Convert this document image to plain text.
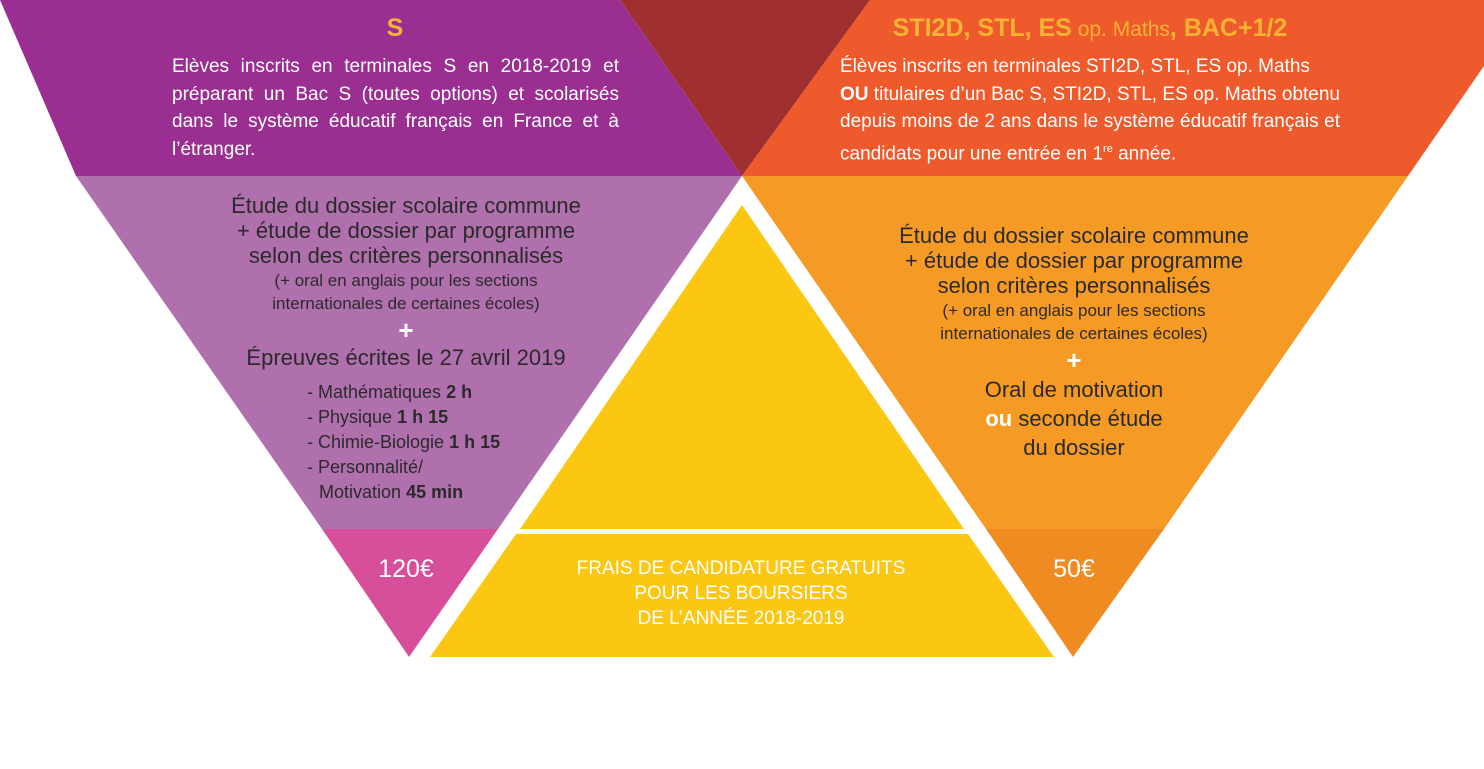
S
Elèves inscrits en terminales S en 2018-2019 et préparant un Bac S (toutes options) et scolarisés dans le système éducatif français en France et à l’étranger.
Étude du dossier scolaire commune
+ étude de dossier par programme
selon des critères personnalisés
(+ oral en anglais pour les sections
internationales de certaines écoles)
+
Épreuves écrites le 27 avril 2019
- Mathématiques 2 h
- Physique 1 h 15
- Chimie-Biologie 1 h 15
- Personnalité/
Motivation 45 min
120€
STI2D, STL, ES op. Maths, BAC+1/2
Élèves inscrits en terminales STI2D, STL, ES op. Maths
OU titulaires d’un Bac S, STI2D, STL, ES op. Maths obtenu depuis moins de 2 ans dans le système éducatif français et candidats pour une entrée en 1re année.
Étude du dossier scolaire commune
+ étude de dossier par programme
selon critères personnalisés
(+ oral en anglais pour les sections
internationales de certaines écoles)
+
Oral de motivation
ou seconde étude
du dossier
50€
FRAIS DE CANDIDATURE GRATUITS
POUR LES BOURSIERS
DE L’ANNÉE 2018-2019
